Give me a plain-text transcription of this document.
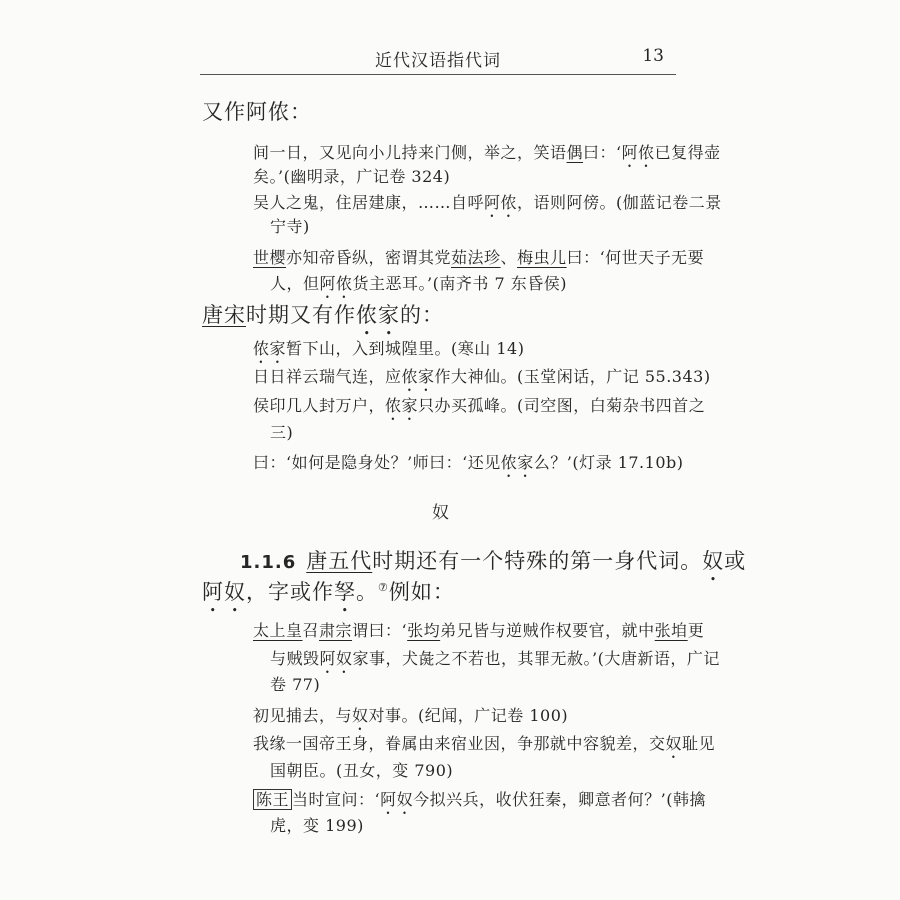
近代汉语指代词	13
又作阿侬：
间一日，又见向小儿持来门侧，举之，笑语偶曰：‘阿侬已复得壶
矣。’(幽明录，广记卷 324)
吴人之鬼，住居建康，……自呼阿侬，语则阿傍。(伽蓝记卷二景
宁寺)
世樱亦知帝昏纵，密谓其党茹法珍、梅虫儿曰：‘何世天子无要
人，但阿侬货主恶耳。’(南齐书 7 东昏侯)
唐宋时期又有作侬家的：
侬家暂下山，入到城隍里。(寒山 14)
日日祥云瑞气连，应侬家作大神仙。(玉堂闲话，广记 55.343)
侯印几人封万户，侬家只办买孤峰。(司空图，白菊杂书四首之
三)
曰：‘如何是隐身处？’师曰：‘还见侬家么？’(灯录 17.10b)
奴
1.1.6 唐五代时期还有一个特殊的第一身代词。奴或
阿奴，字或作孥。⑦例如：
太上皇召肃宗谓曰：‘张均弟兄皆与逆贼作权要官，就中张垍更
与贼毁阿奴家事，犬彘之不若也，其罪无赦。’(大唐新语，广记
卷 77)
初见捕去，与奴对事。(纪闻，广记卷 100)
我缘一国帝王身，眷属由来宿业因，争那就中容貌差，交奴耻见
国朝臣。(丑女，变 790)
陈王 当时宣问：‘阿奴今拟兴兵，收伏狂秦，卿意者何？’(韩擒
虎，变 199)
